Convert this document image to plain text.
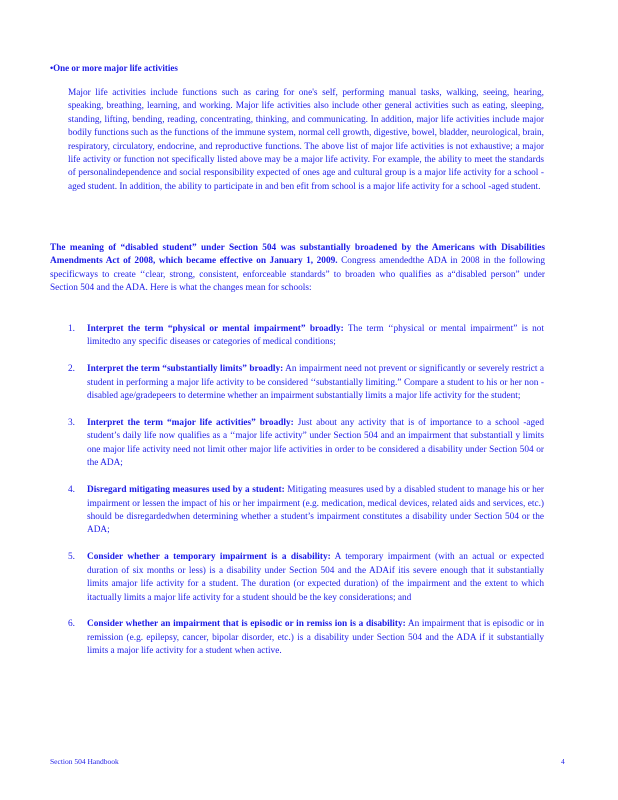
•One or more major life activities

Major life activities include functions such as caring for one's self, performing manual tasks, walking, seeing, hearing, speaking, breathing, learning, and working. Major life activities also include other general activities such as eating, sleeping, standing, lifting, bending, reading, concentrating, thinking, and communicating. In addition, major life activities include major bodily functions such as the functions of the immune system, normal cell growth, digestive, bowel, bladder, neurological, brain, respiratory, circulatory, endocrine, and reproductive functions. The above list of major life activities is not exhaustive; a major life activity or function not specifically listed above may be a major life activity. For example, the ability to meet the standards of personalindependence and social responsibility expected of ones age and cultural group is a major life activity for a school -aged student. In addition, the ability to participate in and ben efit from school is a major life activity for a school -aged student.

The meaning of “disabled student” under Section 504 was substantially broadened by the Americans with Disabilities Amendments Act of 2008, which became effective on January 1, 2009. Congress amendedthe ADA in 2008 in the following specificways to create ‘‘clear, strong, consistent, enforceable standards” to broaden who qualifies as a“disabled person” under Section 504 and the ADA. Here is what the changes mean for schools:

1. Interpret the term “physical or mental impairment” broadly: The term ‘‘physical or mental impairment” is not limitedto any specific diseases or categories of medical conditions;
2. Interpret the term “substantially limits” broadly: An impairment need not prevent or significantly or severely restrict a student in performing a major life activity to be considered ‘‘substantially limiting.” Compare a student to his or her non - disabled age/gradepeers to determine whether an impairment substantially limits a major life activity for the student;
3. Interpret the term “major life activities” broadly: Just about any activity that is of importance to a school -aged student’s daily life now qualifies as a ‘‘major life activity” under Section 504 and an impairment that substantiall y limits one major life activity need not limit other major life activities in order to be considered a disability under Section 504 or the ADA;
4. Disregard mitigating measures used by a student: Mitigating measures used by a disabled student to manage his or her impairment or lessen the impact of his or her impairment (e.g. medication, medical devices, related aids and services, etc.) should be disregardedwhen determining whether a student’s impairment constitutes a disability under Section 504 or the ADA;
5. Consider whether a temporary impairment is a disability: A temporary impairment (with an actual or expected duration of six months or less) is a disability under Section 504 and the ADAif itis severe enough that it substantially limits amajor life activity for a student. The duration (or expected duration) of the impairment and the extent to which itactually limits a major life activity for a student should be the key considerations; and
6. Consider whether an impairment that is episodic or in remiss ion is a disability: An impairment that is episodic or in remission (e.g. epilepsy, cancer, bipolar disorder, etc.) is a disability under Section 504 and the ADA if it substantially limits a major life activity for a student when active.
Section 504 Handbook	4
